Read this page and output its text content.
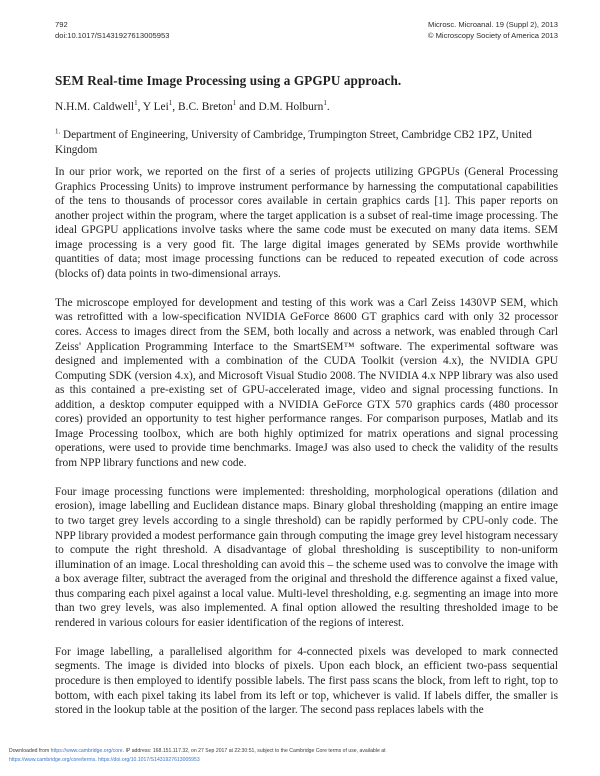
792
doi:10.1017/S1431927613005953
Microsc. Microanal. 19 (Suppl 2), 2013
© Microscopy Society of America 2013
SEM Real-time Image Processing using a GPGPU approach.
N.H.M. Caldwell$^1$, Y Lei$^1$, B.C. Breton$^1$ and D.M. Holburn$^1$.
$^{1.}$ Department of Engineering, University of Cambridge, Trumpington Street, Cambridge CB2 1PZ, United Kingdom

In our prior work, we reported on the first of a series of projects utilizing GPGPUs (General Processing Graphics Processing Units) to improve instrument performance by harnessing the computational capabilities of the tens to thousands of processor cores available in certain graphics cards [1]. This paper reports on another project within the program, where the target application is a subset of real-time image processing. The ideal GPGPU applications involve tasks where the same code must be executed on many data items. SEM image processing is a very good fit. The large digital images generated by SEMs provide worthwhile quantities of data; most image processing functions can be reduced to repeated execution of code across (blocks of) data points in two-dimensional arrays.

The microscope employed for development and testing of this work was a Carl Zeiss 1430VP SEM, which was retrofitted with a low-specification NVIDIA GeForce 8600 GT graphics card with only 32 processor cores. Access to images direct from the SEM, both locally and across a network, was enabled through Carl Zeiss' Application Programming Interface to the SmartSEM™ software. The experimental software was designed and implemented with a combination of the CUDA Toolkit (version 4.x), the NVIDIA GPU Computing SDK (version 4.x), and Microsoft Visual Studio 2008. The NVIDIA 4.x NPP library was also used as this contained a pre-existing set of GPU-accelerated image, video and signal processing functions. In addition, a desktop computer equipped with a NVIDIA GeForce GTX 570 graphics cards (480 processor cores) provided an opportunity to test higher performance ranges. For comparison purposes, Matlab and its Image Processing toolbox, which are both highly optimized for matrix operations and signal processing operations, were used to provide time benchmarks. ImageJ was also used to check the validity of the results from NPP library functions and new code.

Four image processing functions were implemented: thresholding, morphological operations (dilation and erosion), image labelling and Euclidean distance maps. Binary global thresholding (mapping an entire image to two target grey levels according to a single threshold) can be rapidly performed by CPU-only code. The NPP library provided a modest performance gain through computing the image grey level histogram necessary to compute the right threshold. A disadvantage of global thresholding is susceptibility to non-uniform illumination of an image. Local thresholding can avoid this – the scheme used was to convolve the image with a box average filter, subtract the averaged from the original and threshold the difference against a fixed value, thus comparing each pixel against a local value. Multi-level thresholding, e.g. segmenting an image into more than two grey levels, was also implemented. A final option allowed the resulting thresholded image to be rendered in various colours for easier identification of the regions of interest.

For image labelling, a parallelised algorithm for 4-connected pixels was developed to mark connected segments. The image is divided into blocks of pixels. Upon each block, an efficient two-pass sequential procedure is then employed to identify possible labels. The first pass scans the block, from left to right, top to bottom, with each pixel taking its label from its left or top, whichever is valid. If labels differ, the smaller is stored in the lookup table at the position of the larger. The second pass replaces labels with the

Downloaded from https://www.cambridge.org/core. IP address: 168.151.117.32, on 27 Sep 2017 at 22:30:51, subject to the Cambridge Core terms of use, available at
https://www.cambridge.org/core/terms. https://doi.org/10.1017/S1431927613005953
